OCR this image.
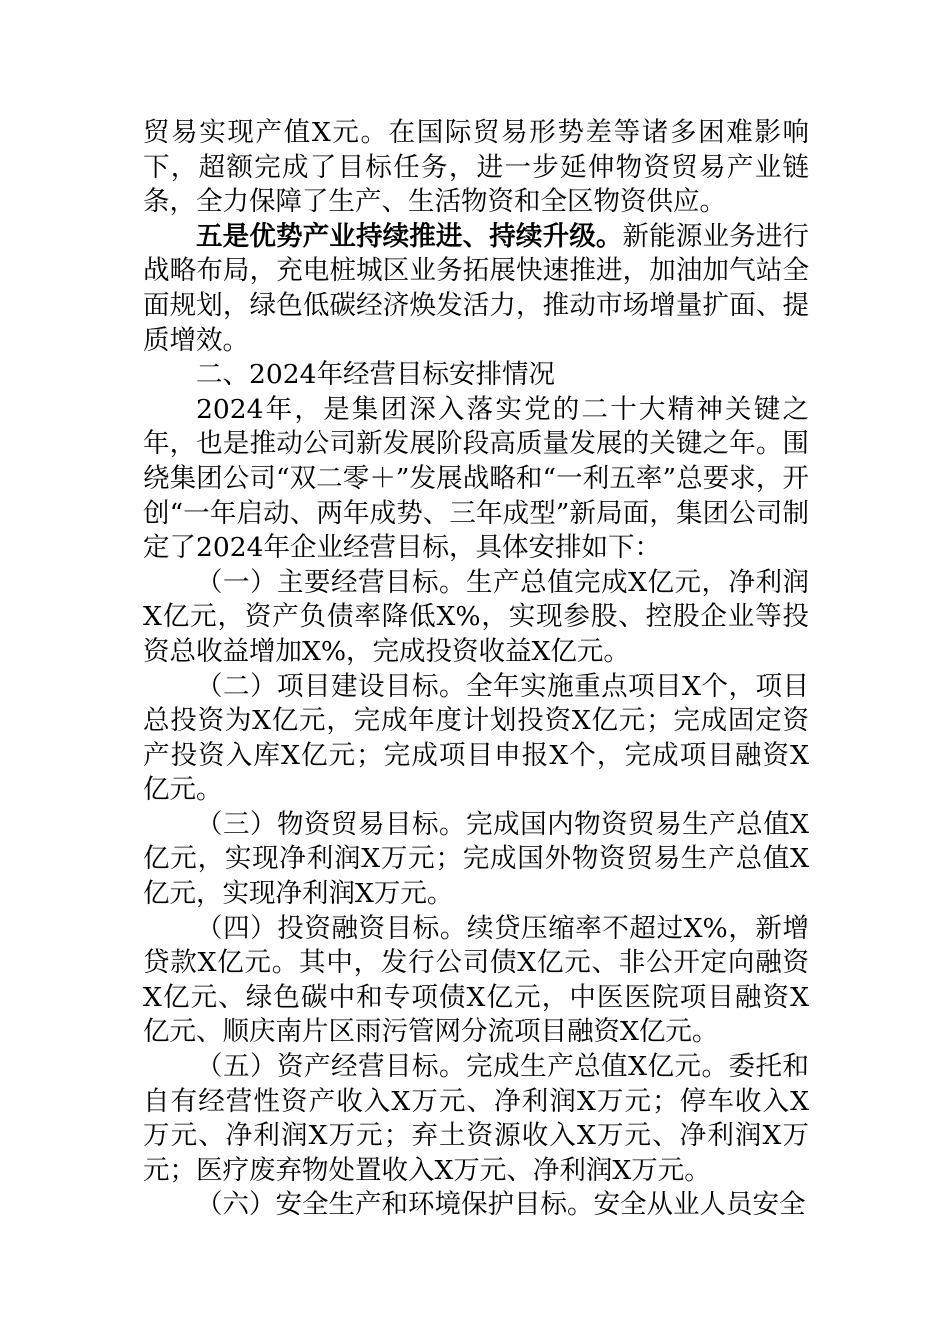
贸易实现产值X元。在国际贸易形势差等诸多困难影响下，超额完成了目标任务，进一步延伸物资贸易产业链条，全力保障了生产、生活物资和全区物资供应。

五是优势产业持续推进、持续升级。新能源业务进行战略布局，充电桩城区业务拓展快速推进，加油加气站全面规划，绿色低碳经济焕发活力，推动市场增量扩面、提质增效。

二、2024年经营目标安排情况

2024年，是集团深入落实党的二十大精神关键之年，也是推动公司新发展阶段高质量发展的关键之年。围绕集团公司“双二零＋”发展战略和“一利五率”总要求，开创“一年启动、两年成势、三年成型”新局面，集团公司制定了2024年企业经营目标，具体安排如下：

（一）主要经营目标。生产总值完成X亿元，净利润X亿元，资产负债率降低X%，实现参股、控股企业等投资总收益增加X%，完成投资收益X亿元。

（二）项目建设目标。全年实施重点项目X个，项目总投资为X亿元，完成年度计划投资X亿元；完成固定资产投资入库X亿元；完成项目申报X个，完成项目融资X亿元。

（三）物资贸易目标。完成国内物资贸易生产总值X亿元，实现净利润X万元；完成国外物资贸易生产总值X亿元，实现净利润X万元。

（四）投资融资目标。续贷压缩率不超过X%，新增贷款X亿元。其中，发行公司债X亿元、非公开定向融资X亿元、绿色碳中和专项债X亿元，中医医院项目融资X亿元、顺庆南片区雨污管网分流项目融资X亿元。

（五）资产经营目标。完成生产总值X亿元。委托和自有经营性资产收入X万元、净利润X万元；停车收入X万元、净利润X万元；弃土资源收入X万元、净利润X万元；医疗废弃物处置收入X万元、净利润X万元。

（六）安全生产和环境保护目标。安全从业人员安全
